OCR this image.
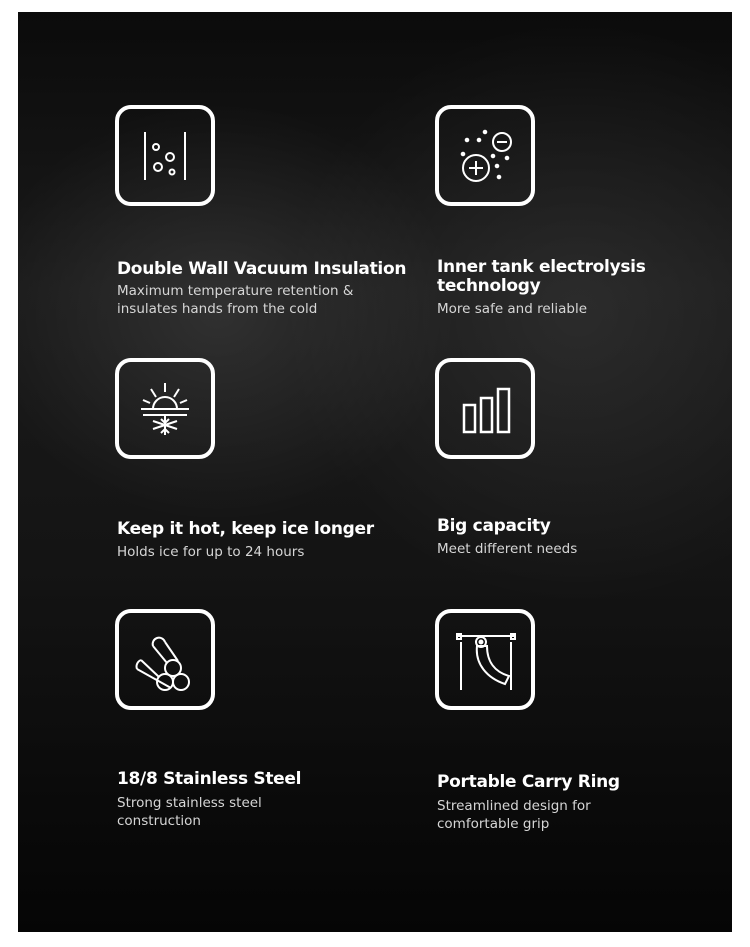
Double Wall Vacuum Insulation
Maximum temperature retention &
insulates hands from the cold
Inner tank electrolysis technology
More safe and reliable
Keep it hot, keep ice longer
Holds ice for up to 24 hours
Big capacity
Meet different needs
18/8 Stainless Steel
Strong stainless steel
construction
Portable Carry Ring
Streamlined design for
comfortable grip
